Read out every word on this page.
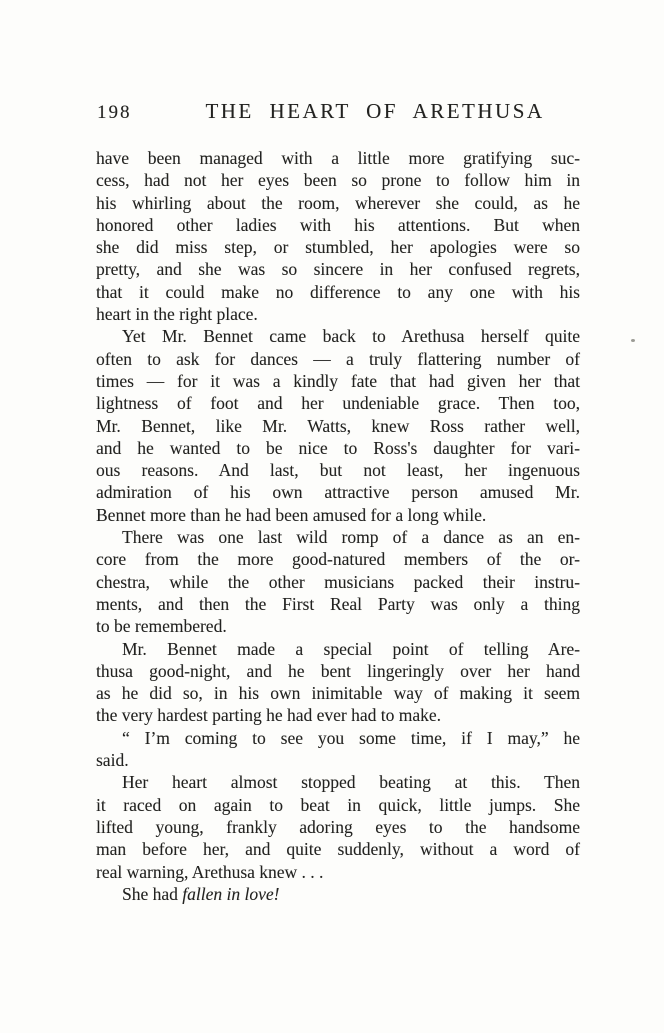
198	THE HEART OF ARETHUSA

have been managed with a little more gratifying suc-
cess, had not her eyes been so prone to follow him in
his whirling about the room, wherever she could, as he
honored other ladies with his attentions. But when
she did miss step, or stumbled, her apologies were so
pretty, and she was so sincere in her confused regrets,
that it could make no difference to any one with his
heart in the right place.

Yet Mr. Bennet came back to Arethusa herself quite
often to ask for dances — a truly flattering number of
times — for it was a kindly fate that had given her that
lightness of foot and her undeniable grace. Then too,
Mr. Bennet, like Mr. Watts, knew Ross rather well,
and he wanted to be nice to Ross's daughter for vari-
ous reasons. And last, but not least, her ingenuous
admiration of his own attractive person amused Mr.
Bennet more than he had been amused for a long while.

There was one last wild romp of a dance as an en-
core from the more good-natured members of the or-
chestra, while the other musicians packed their instru-
ments, and then the First Real Party was only a thing
to be remembered.

Mr. Bennet made a special point of telling Are-
thusa good-night, and he bent lingeringly over her hand
as he did so, in his own inimitable way of making it seem
the very hardest parting he had ever had to make.

“ I’m coming to see you some time, if I may,” he
said.

Her heart almost stopped beating at this. Then
it raced on again to beat in quick, little jumps. She
lifted young, frankly adoring eyes to the handsome
man before her, and quite suddenly, without a word of
real warning, Arethusa knew . . .

She had fallen in love!
